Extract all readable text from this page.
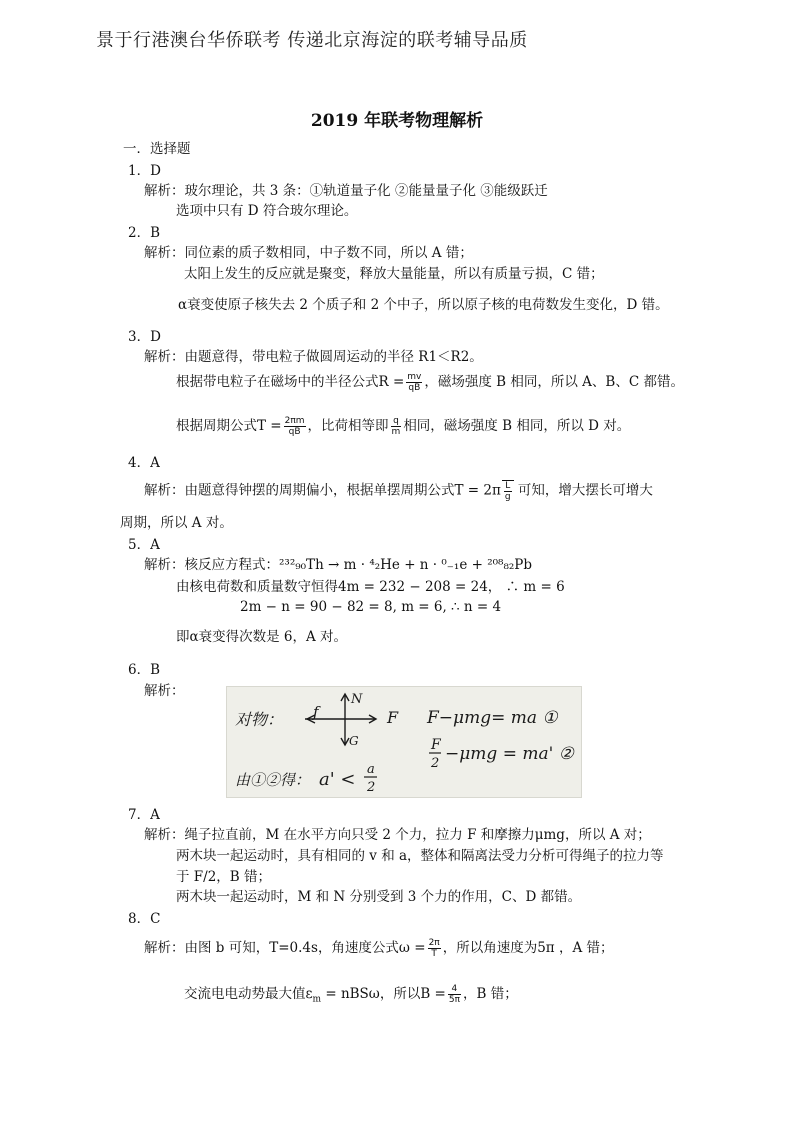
景于行港澳台华侨联考 传递北京海淀的联考辅导品质
2019 年联考物理解析
一．选择题
1．D
解析：玻尔理论，共 3 条：①轨道量子化 ②能量量子化 ③能级跃迁
选项中只有 D 符合玻尔理论。
2．B
解析：同位素的质子数相同，中子数不同，所以 A 错；
太阳上发生的反应就是聚变，释放大量能量，所以有质量亏损，C 错；
α衰变使原子核失去 2 个质子和 2 个中子，所以原子核的电荷数发生变化，D 错。
3．D
解析：由题意得，带电粒子做圆周运动的半径 R1＜R2。
根据带电粒子在磁场中的半径公式$R = \frac{mv}{qB}$ ，磁场强度 B 相同，所以 A、B、C 都错。
根据周期公式$T = \frac{2\pi m}{qB}$ ，比荷相等即 $\frac{q}{m}$ 相同，磁场强度 B 相同，所以 D 对。
4．A
解析：由题意得钟摆的周期偏小，根据单摆周期公式$T = 2\pi \frac{L}{g}$ 可知，增大摆长可增大
周期，所以 A 对。
5．A
解析：核反应方程式：²³²₉₀Th → m · ⁴₂He + n · ⁰₋₁e + ²⁰⁸₈₂Pb
由核电荷数和质量数守恒得4m = 232 − 208 = 24， ∴ m = 6
2m − n = 90 − 82 = 8, m = 6, ∴ n = 4
即α衰变得次数是 6，A 对。
6．B
解析：
对物： f
N
F
G
F−μmg= ma ①
F
2 −μmg = ma' ②
由①②得： a' < a
2
7．A
解析：绳子拉直前，M 在水平方向只受 2 个力，拉力 F 和摩擦力μmg，所以 A 对；
两木块一起运动时，具有相同的 v 和 a，整体和隔离法受力分析可得绳子的拉力等
于 F/2，B 错；
两木块一起运动时，M 和 N 分别受到 3 个力的作用，C、D 都错。
8．C
解析：由图 b 可知，T=0.4s，角速度公式$\omega = \frac{2\pi}{T}$ ，所以角速度为5π ，A 错；
交流电电动势最大值$\varepsilon_m = nBS\omega$，所以$B = \frac{4}{5\pi}$ ，B 错；
